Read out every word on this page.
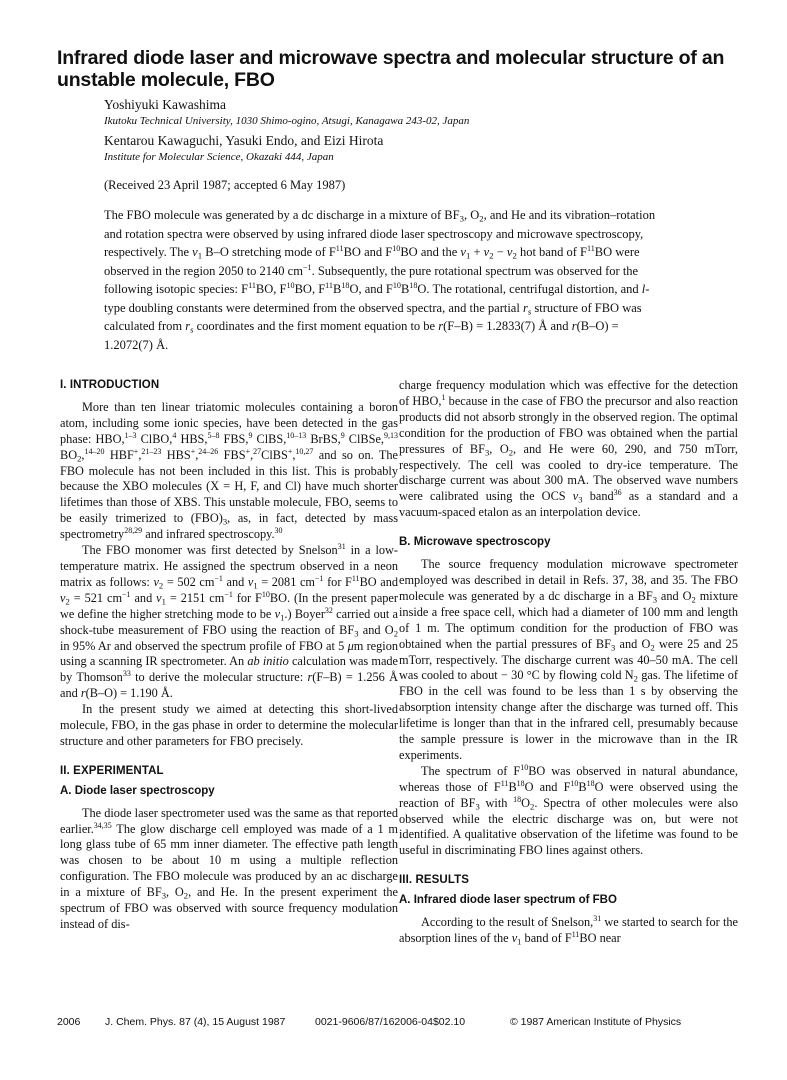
Infrared diode laser and microwave spectra and molecular structure of an unstable molecule, FBO
Yoshiyuki Kawashima
Ikutoku Technical University, 1030 Shimo-ogino, Atsugi, Kanagawa 243-02, Japan
Kentarou Kawaguchi, Yasuki Endo, and Eizi Hirota
Institute for Molecular Science, Okazaki 444, Japan
(Received 23 April 1987; accepted 6 May 1987)

The FBO molecule was generated by a dc discharge in a mixture of $BF_3$, $O_2$, and He and its vibration–rotation and rotation spectra were observed by using infrared diode laser spectroscopy and microwave spectroscopy, respectively. The $\nu_1$ B–O stretching mode of $F^{11}BO$ and $F^{10}BO$ and the $\nu_1 + \nu_2 - \nu_2$ hot band of $F^{11}BO$ were observed in the region 2050 to 2140 $cm^{-1}$. Subsequently, the pure rotational spectrum was observed for the following isotopic species: $F^{11}BO$, $F^{10}BO$, $F^{11}B^{18}O$, and $F^{10}B^{18}O$. The rotational, centrifugal distortion, and l-type doubling constants were determined from the observed spectra, and the partial $r_s$ structure of FBO was calculated from $r_s$ coordinates and the first moment equation to be r(F–B) = 1.2833(7) Å and r(B–O) = 1.2072(7) Å.

I. INTRODUCTION

More than ten linear triatomic molecules containing a boron atom, including some ionic species, have been detected in the gas phase: HBO,$^{1-3}$ ClBO,$^4$ HBS,$^{5-8}$ FBS,$^9$ ClBS,$^{10-13}$ BrBS,$^9$ ClBSe,$^{9,13}$ $BO_2,^{14-20}$ HBF+,$^{21-23}$ HBS+,$^{24-26}$ FBS+,$^{27}$ClBS+,$^{10,27}$ and so on. The FBO molecule has not been included in this list. This is probably because the XBO molecules (X = H, F, and Cl) have much shorter lifetimes than those of XBS. This unstable molecule, FBO, seems to be easily trimerized to $(FBO)_3$, as, in fact, detected by mass spectrometry$^{28,29}$ and infrared spectroscopy.$^{30}$

The FBO monomer was first detected by Snelson$^{31}$ in a low-temperature matrix. He assigned the spectrum observed in a neon matrix as follows: $\nu_2 = 502$ $cm^{-1}$ and $\nu_1 = 2081$ $cm^{-1}$ for $F^{11}BO$ and $\nu_2 = 521$ $cm^{-1}$ and $\nu_1 = 2151$ $cm^{-1}$ for $F^{10}BO$. (In the present paper we define the higher stretching mode to be $\nu_1$.) Boyer$^{32}$ carried out a shock-tube measurement of FBO using the reaction of $BF_3$ and $O_2$ in 95% Ar and observed the spectrum profile of FBO at 5 μm region using a scanning IR spectrometer. An ab initio calculation was made by Thomson$^{33}$ to derive the molecular structure: r(F–B) = 1.256 Å and r(B–O) = 1.190 Å.

In the present study we aimed at detecting this short-lived molecule, FBO, in the gas phase in order to determine the molecular structure and other parameters for FBO precisely.

II. EXPERIMENTAL
A. Diode laser spectroscopy

The diode laser spectrometer used was the same as that reported earlier.$^{34,35}$ The glow discharge cell employed was made of a 1 m long glass tube of 65 mm inner diameter. The effective path length was chosen to be about 10 m using a multiple reflection configuration. The FBO molecule was produced by an ac discharge in a mixture of $BF_3$, $O_2$, and He. In the present experiment the spectrum of FBO was observed with source frequency modulation instead of dis-

charge frequency modulation which was effective for the detection of HBO,$^1$ because in the case of FBO the precursor and also reaction products did not absorb strongly in the observed region. The optimal condition for the production of FBO was obtained when the partial pressures of $BF_3$, $O_2$, and He were 60, 290, and 750 mTorr, respectively. The cell was cooled to dry-ice temperature. The discharge current was about 300 mA. The observed wave numbers were calibrated using the OCS $\nu_3$ band$^{36}$ as a standard and a vacuum-spaced etalon as an interpolation device.

B. Microwave spectroscopy

The source frequency modulation microwave spectrometer employed was described in detail in Refs. 37, 38, and 35. The FBO molecule was generated by a dc discharge in a $BF_3$ and $O_2$ mixture inside a free space cell, which had a diameter of 100 mm and length of 1 m. The optimum condition for the production of FBO was obtained when the partial pressures of $BF_3$ and $O_2$ were 25 and 25 mTorr, respectively. The discharge current was 40–50 mA. The cell was cooled to about − 30 °C by flowing cold $N_2$ gas. The lifetime of FBO in the cell was found to be less than 1 s by observing the absorption intensity change after the discharge was turned off. This lifetime is longer than that in the infrared cell, presumably because the sample pressure is lower in the microwave than in the IR experiments.

The spectrum of $F^{10}BO$ was observed in natural abundance, whereas those of $F^{11}B^{18}O$ and $F^{10}B^{18}O$ were observed using the reaction of $BF_3$ with $^{18}O_2$. Spectra of other molecules were also observed while the electric discharge was on, but were not identified. A qualitative observation of the lifetime was found to be useful in discriminating FBO lines against others.

III. RESULTS
A. Infrared diode laser spectrum of FBO

According to the result of Snelson,$^{31}$ we started to search for the absorption lines of the $\nu_1$ band of $F^{11}BO$ near

2006 J. Chem. Phys. 87 (4), 15 August 1987	0021-9606/87/162006-04$02.10	© 1987 American Institute of Physics
